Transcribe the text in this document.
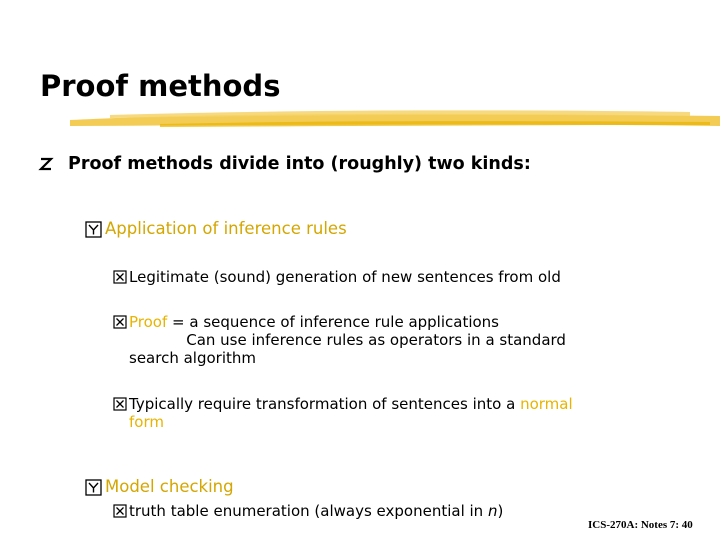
Proof methods
Proof methods divide into (roughly) two kinds:
Application of inference rules
Legitimate (sound) generation of new sentences from old
Proof = a sequence of inference rule applications
Can use inference rules as operators in a standard
search algorithm
Typically require transformation of sentences into a normal
form
Model checking
truth table enumeration (always exponential in n)
ICS-270A: Notes 7: 40
